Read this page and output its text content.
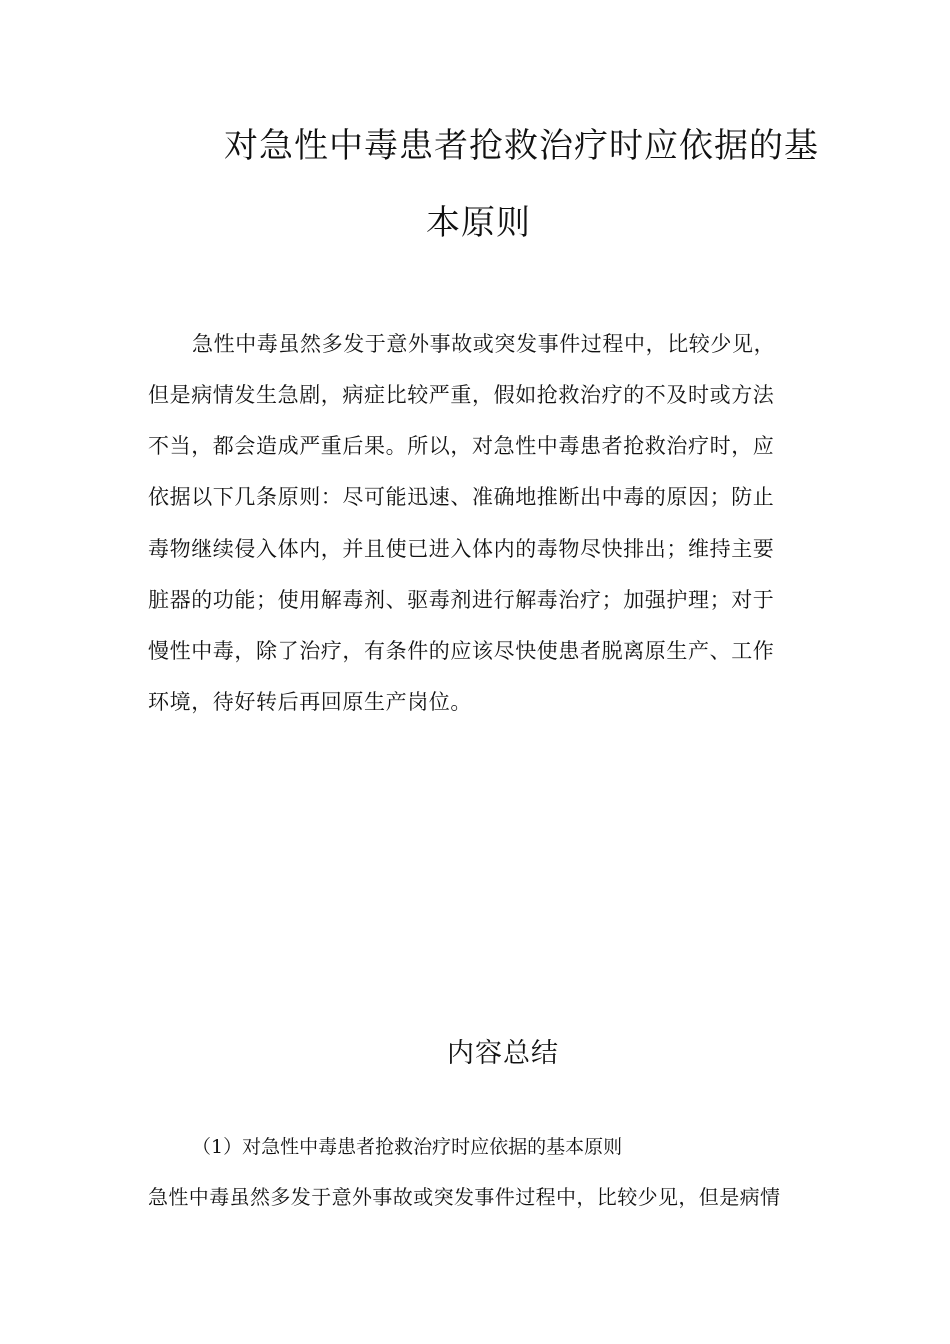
对急性中毒患者抢救治疗时应依据的基
本原则
急性中毒虽然多发于意外事故或突发事件过程中，比较少见，
但是病情发生急剧，病症比较严重，假如抢救治疗的不及时或方法
不当，都会造成严重后果。所以，对急性中毒患者抢救治疗时，应
依据以下几条原则：尽可能迅速、准确地推断出中毒的原因；防止
毒物继续侵入体内，并且使已进入体内的毒物尽快排出；维持主要
脏器的功能；使用解毒剂、驱毒剂进行解毒治疗；加强护理；对于
慢性中毒，除了治疗，有条件的应该尽快使患者脱离原生产、工作
环境，待好转后再回原生产岗位。
内容总结
（1）对急性中毒患者抢救治疗时应依据的基本原则
急性中毒虽然多发于意外事故或突发事件过程中，比较少见，但是病情
